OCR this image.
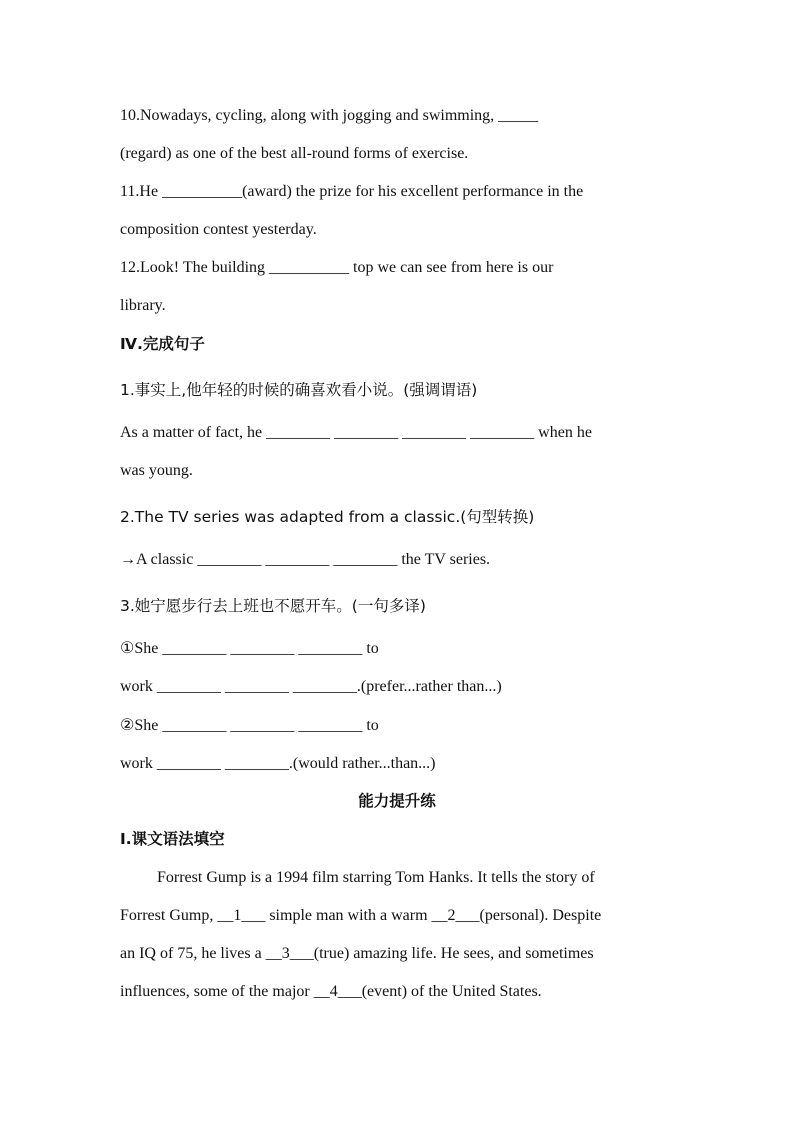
10.Nowadays, cycling, along with jogging and swimming, _____
(regard) as one of the best all-round forms of exercise.
11.He __________(award) the prize for his excellent performance in the
composition contest yesterday.
12.Look! The building __________ top we can see from here is our
library.
Ⅳ.完成句子
1.事实上,他年轻的时候的确喜欢看小说。(强调谓语)
As a matter of fact, he ________ ________ ________ ________ when he
was young.
2.The TV series was adapted from a classic.(句型转换)
→A classic ________ ________ ________ the TV series.
3.她宁愿步行去上班也不愿开车。(一句多译)
①She ________ ________ ________ to
work ________ ________ ________.(prefer...rather than...)
②She ________ ________ ________ to
work ________ ________.(would rather...than...)
能力提升练
Ⅰ.课文语法填空
Forrest Gump is a 1994 film starring Tom Hanks. It tells the story of
Forrest Gump, __1___ simple man with a warm __2___(personal). Despite
an IQ of 75, he lives a __3___(true) amazing life. He sees, and sometimes
influences, some of the major __4___(event) of the United States.
